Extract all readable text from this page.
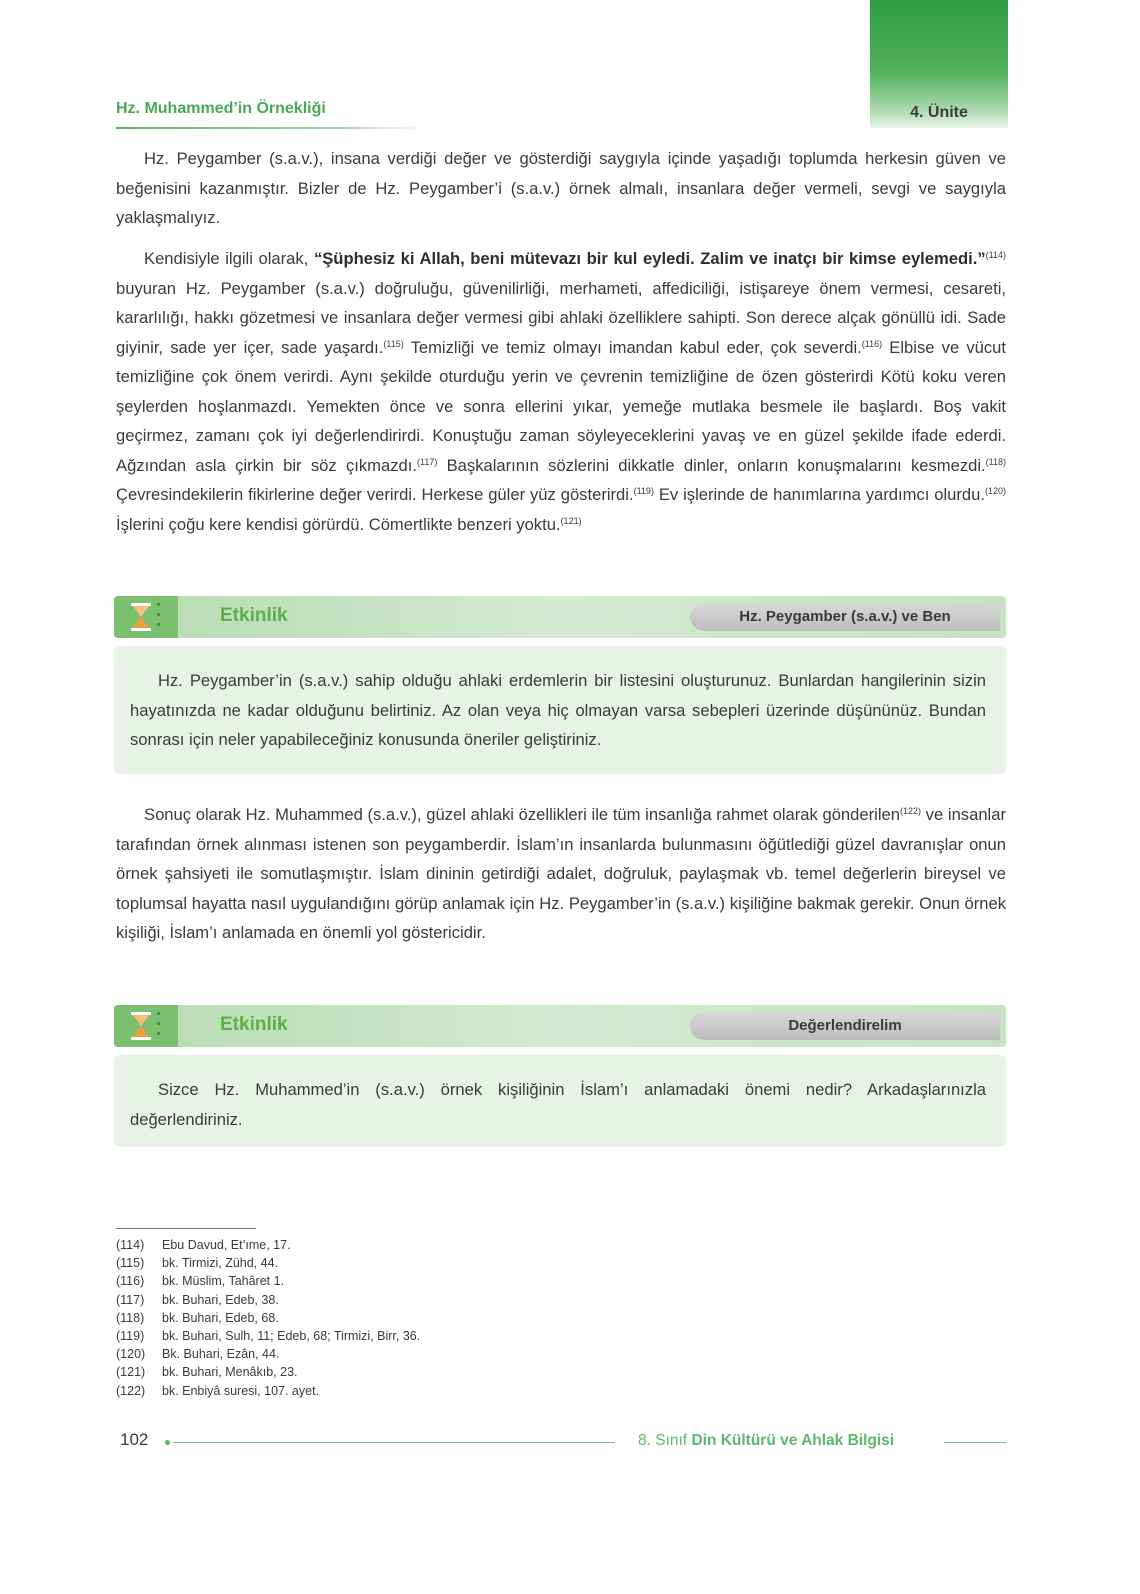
4. Ünite
Hz. Muhammed’in Örnekliği

Hz. Peygamber (s.a.v.), insana verdiği değer ve gösterdiği saygıyla içinde yaşadığı toplumda herkesin güven ve beğenisini kazanmıştır. Bizler de Hz. Peygamber’i (s.a.v.) örnek almalı, insanlara değer vermeli, sevgi ve saygıyla yaklaşmalıyız.

Kendisiyle ilgili olarak, “Şüphesiz ki Allah, beni mütevazı bir kul eyledi. Zalim ve inatçı bir kimse eylemedi.”$^{(114)}$ buyuran Hz. Peygamber (s.a.v.) doğruluğu, güvenilirliği, merhameti, affediciliği, istişareye önem vermesi, cesareti, kararlılığı, hakkı gözetmesi ve insanlara değer vermesi gibi ahlaki özelliklere sahipti. Son derece alçak gönüllü idi. Sade giyinir, sade yer içer, sade yaşardı.$^{(115)}$ Temizliği ve temiz olmayı imandan kabul eder, çok severdi.$^{(116)}$ Elbise ve vücut temizliğine çok önem verirdi. Aynı şekilde oturduğu yerin ve çevrenin temizliğine de özen gösterirdi Kötü koku veren şeylerden hoşlanmazdı. Yemekten önce ve sonra ellerini yıkar, yemeğe mutlaka besmele ile başlardı. Boş vakit geçirmez, zamanı çok iyi değerlendirirdi. Konuştuğu zaman söyleyeceklerini yavaş ve en güzel şekilde ifade ederdi. Ağzından asla çirkin bir söz çıkmazdı.$^{(117)}$ Başkalarının sözlerini dikkatle dinler, onların konuşmalarını kesmezdi.$^{(118)}$ Çevresindekilerin fikirlerine değer verirdi. Herkese güler yüz gösterirdi.$^{(119)}$ Ev işlerinde de hanımlarına yardımcı olurdu.$^{(120)}$ İşlerini çoğu kere kendisi görürdü. Cömertlikte benzeri yoktu.$^{(121)}$

Etkinlik	Hz. Peygamber (s.a.v.) ve Ben

Hz. Peygamber’in (s.a.v.) sahip olduğu ahlaki erdemlerin bir listesini oluşturunuz. Bunlardan hangilerinin sizin hayatınızda ne kadar olduğunu belirtiniz. Az olan veya hiç olmayan varsa sebepleri üzerinde düşününüz. Bundan sonrası için neler yapabileceğiniz konusunda öneriler geliştiriniz.

Sonuç olarak Hz. Muhammed (s.a.v.), güzel ahlaki özellikleri ile tüm insanlığa rahmet olarak gönderilen$^{(122)}$ ve insanlar tarafından örnek alınması istenen son peygamberdir. İslam’ın insanlarda bulunmasını öğütlediği güzel davranışlar onun örnek şahsiyeti ile somutlaşmıştır. İslam dininin getirdiği adalet, doğruluk, paylaşmak vb. temel değerlerin bireysel ve toplumsal hayatta nasıl uygulandığını görüp anlamak için Hz. Peygamber’in (s.a.v.) kişiliğine bakmak gerekir. Onun örnek kişiliği, İslam’ı anlamada en önemli yol göstericidir.

Etkinlik	Değerlendirelim

Sizce Hz. Muhammed’in (s.a.v.) örnek kişiliğinin İslam’ı anlamadaki önemi nedir? Arkadaşlarınızla değerlendiriniz.

(114) Ebu Davud, Et’ıme, 17.
(115) bk. Tirmizi, Zühd, 44.
(116) bk. Müslim, Tahâret 1.
(117) bk. Buhari, Edeb, 38.
(118) bk. Buhari, Edeb, 68.
(119) bk. Buhari, Sulh, 11; Edeb, 68; Tirmizi, Birr, 36.
(120) Bk. Buhari, Ezân, 44.
(121) bk. Buhari, Menâkıb, 23.
(122) bk. Enbiyâ suresi, 107. ayet.
102	8. Sınıf Din Kültürü ve Ahlak Bilgisi
